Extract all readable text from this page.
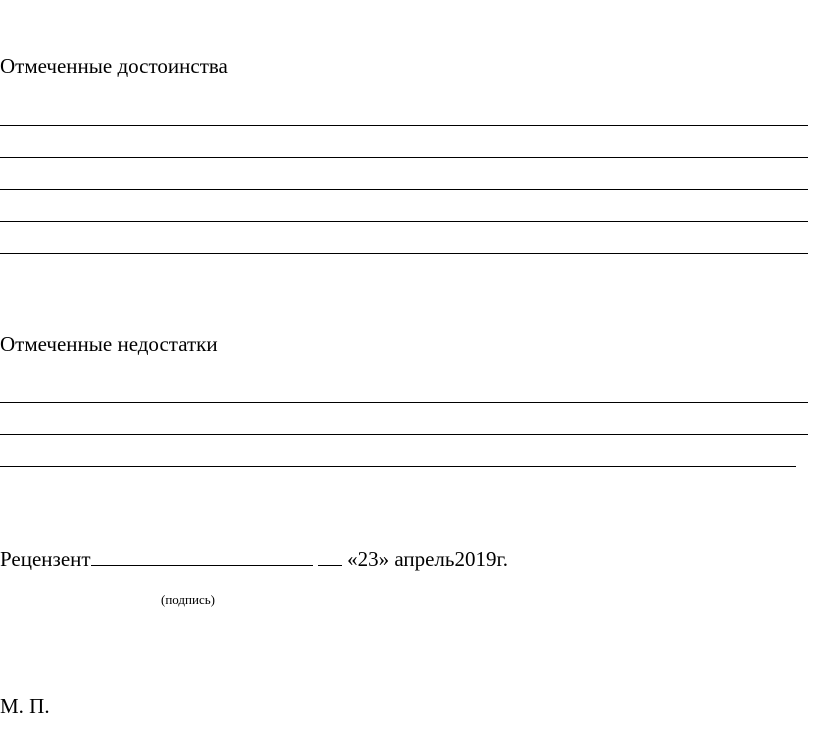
Отмеченные достоинства
Отмеченные недостатки
Рецензент	«23» апрель2019г.
(подпись)
М. П.
